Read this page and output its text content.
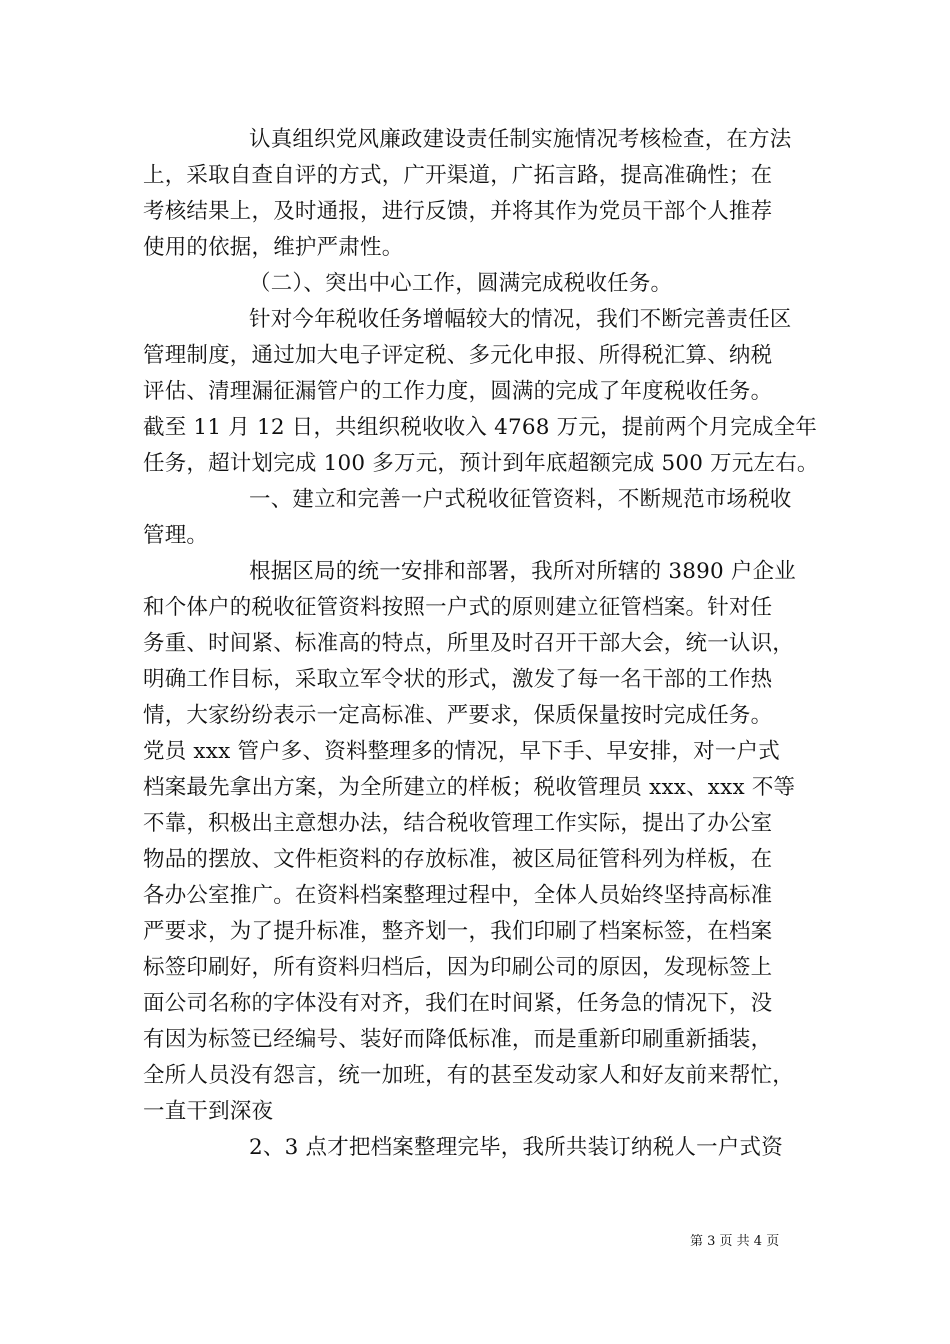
认真组织党风廉政建设责任制实施情况考核检查，在方法
上，采取自查自评的方式，广开渠道，广拓言路，提高准确性；在
考核结果上，及时通报，进行反馈，并将其作为党员干部个人推荐
使用的依据，维护严肃性。
（二）、突出中心工作，圆满完成税收任务。
针对今年税收任务增幅较大的情况，我们不断完善责任区
管理制度，通过加大电子评定税、多元化申报、所得税汇算、纳税
评估、清理漏征漏管户的工作力度，圆满的完成了年度税收任务。
截至 11 月 12 日，共组织税收收入 4768 万元，提前两个月完成全年
任务，超计划完成 100 多万元，预计到年底超额完成 500 万元左右。
一、建立和完善一户式税收征管资料，不断规范市场税收
管理。
根据区局的统一安排和部署，我所对所辖的 3890 户企业
和个体户的税收征管资料按照一户式的原则建立征管档案。针对任
务重、时间紧、标准高的特点，所里及时召开干部大会，统一认识，
明确工作目标，采取立军令状的形式，激发了每一名干部的工作热
情，大家纷纷表示一定高标准、严要求，保质保量按时完成任务。
党员 xxx 管户多、资料整理多的情况，早下手、早安排，对一户式
档案最先拿出方案，为全所建立的样板；税收管理员 xxx、xxx 不等
不靠，积极出主意想办法，结合税收管理工作实际，提出了办公室
物品的摆放、文件柜资料的存放标准，被区局征管科列为样板，在
各办公室推广。在资料档案整理过程中，全体人员始终坚持高标准
严要求，为了提升标准，整齐划一，我们印刷了档案标签，在档案
标签印刷好，所有资料归档后，因为印刷公司的原因，发现标签上
面公司名称的字体没有对齐，我们在时间紧，任务急的情况下，没
有因为标签已经编号、装好而降低标准，而是重新印刷重新插装，
全所人员没有怨言，统一加班，有的甚至发动家人和好友前来帮忙，
一直干到深夜
2、3 点才把档案整理完毕，我所共装订纳税人一户式资
第 3 页 共 4 页
